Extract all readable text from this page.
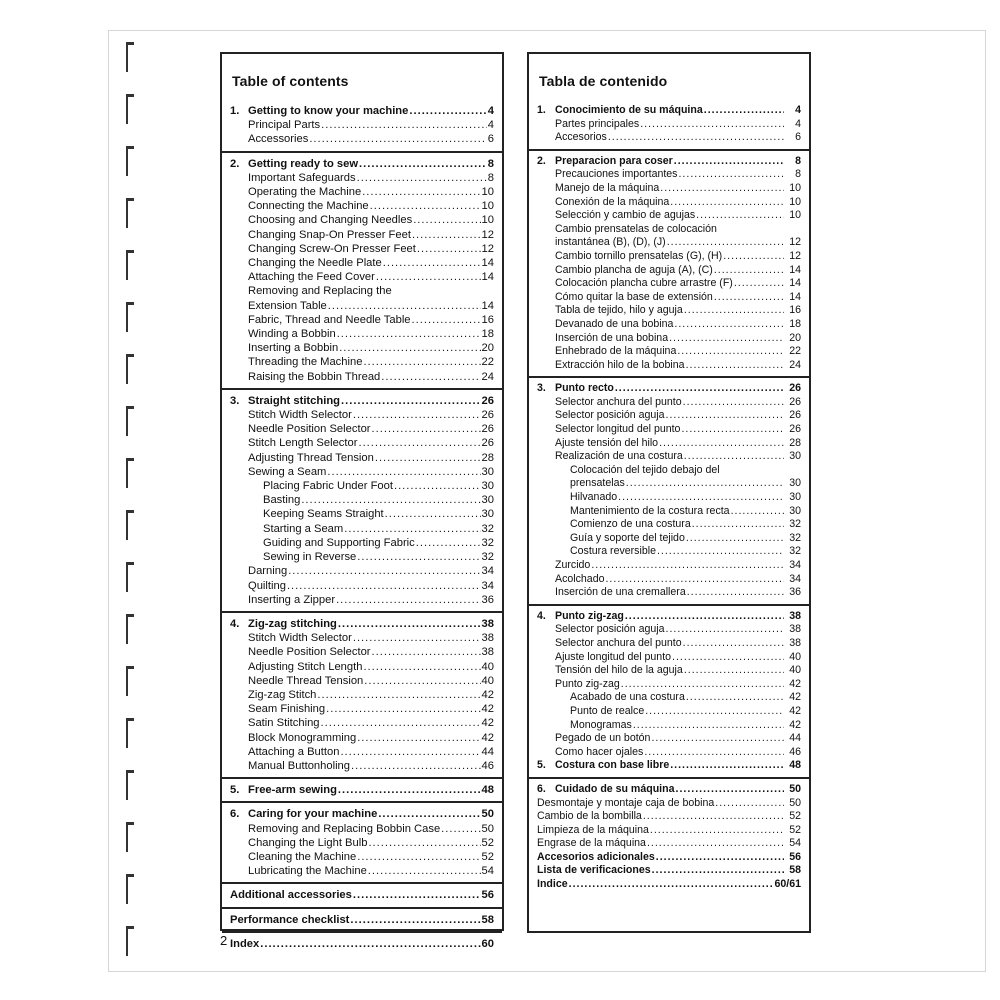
Table of contents
1. Getting to know your machine .....	4
Principal Parts .....	4
Accessories .....	6
2. Getting ready to sew .....	8
Important Safeguards .....	8
Operating the Machine .....	10
Connecting the Machine .....	10
Choosing and Changing Needles .....	10
Changing Snap-On Presser Feet .....	12
Changing Screw-On Presser Feet .....	12
Changing the Needle Plate .....	14
Attaching the Feed Cover .....	14
Removing and Replacing the
Extension Table .....	14
Fabric, Thread and Needle Table .....	16
Winding a Bobbin .....	18
Inserting a Bobbin .....	20
Threading the Machine .....	22
Raising the Bobbin Thread .....	24
3. Straight stitching .....	26
Stitch Width Selector .....	26
Needle Position Selector .....	26
Stitch Length Selector .....	26
Adjusting Thread Tension .....	28
Sewing a Seam .....	30
Placing Fabric Under Foot .....	30
Basting .....	30
Keeping Seams Straight .....	30
Starting a Seam .....	32
Guiding and Supporting Fabric .....	32
Sewing in Reverse .....	32
Darning .....	34
Quilting .....	34
Inserting a Zipper .....	36
4. Zig-zag stitching .....	38
Stitch Width Selector .....	38
Needle Position Selector .....	38
Adjusting Stitch Length .....	40
Needle Thread Tension .....	40
Zig-zag Stitch .....	42
Seam Finishing .....	42
Satin Stitching .....	42
Block Monogramming .....	42
Attaching a Button .....	44
Manual Buttonholing .....	46
5. Free-arm sewing .....	48
6. Caring for your machine .....	50
Removing and Replacing Bobbin Case .....	50
Changing the Light Bulb .....	52
Cleaning the Machine .....	52
Lubricating the Machine .....	54
Additional accessories .....	56
Performance checklist .....	58
Index .....	60
Tabla de contenido
1. Conocimiento de su máquina .....	4
Partes principales .....	4
Accesorios .....	6
2. Preparacion para coser .....	8
Precauciones importantes .....	8
Manejo de la máquina .....	10
Conexión de la máquina .....	10
Selección y cambio de agujas .....	10
Cambio prensatelas de colocación
instantánea (B), (D), (J) .....	12
Cambio tornillo prensatelas (G), (H) .....	12
Cambio plancha de aguja (A), (C) .....	14
Colocación plancha cubre arrastre (F) .....	14
Cómo quitar la base de extensión .....	14
Tabla de tejido, hilo y aguja .....	16
Devanado de una bobina .....	18
Inserción de una bobina .....	20
Enhebrado de la máquina .....	22
Extracción hilo de la bobina .....	24
3. Punto recto .....	26
Selector anchura del punto .....	26
Selector posición aguja .....	26
Selector longitud del punto .....	26
Ajuste tensión del hilo .....	28
Realización de una costura .....	30
Colocación del tejido debajo del
prensatelas .....	30
Hilvanado .....	30
Mantenimiento de la costura recta .....	30
Comienzo de una costura .....	32
Guía y soporte del tejido .....	32
Costura reversible .....	32
Zurcido .....	34
Acolchado .....	34
Inserción de una cremallera .....	36
4. Punto zig-zag .....	38
Selector posición aguja .....	38
Selector anchura del punto .....	38
Ajuste longitud del punto .....	40
Tensión del hilo de la aguja .....	40
Punto zig-zag .....	42
Acabado de una costura .....	42
Punto de realce .....	42
Monogramas .....	42
Pegado de un botón .....	44
Como hacer ojales .....	46
5. Costura con base libre .....	48
6. Cuidado de su máquina .....	50
Desmontaje y montaje caja de bobina .....	50
Cambio de la bombilla .....	52
Limpieza de la máquina .....	52
Engrase de la máquina .....	54
Accesorios adicionales .....	56
Lista de verificaciones .....	58
Indice .....	60/61
2
